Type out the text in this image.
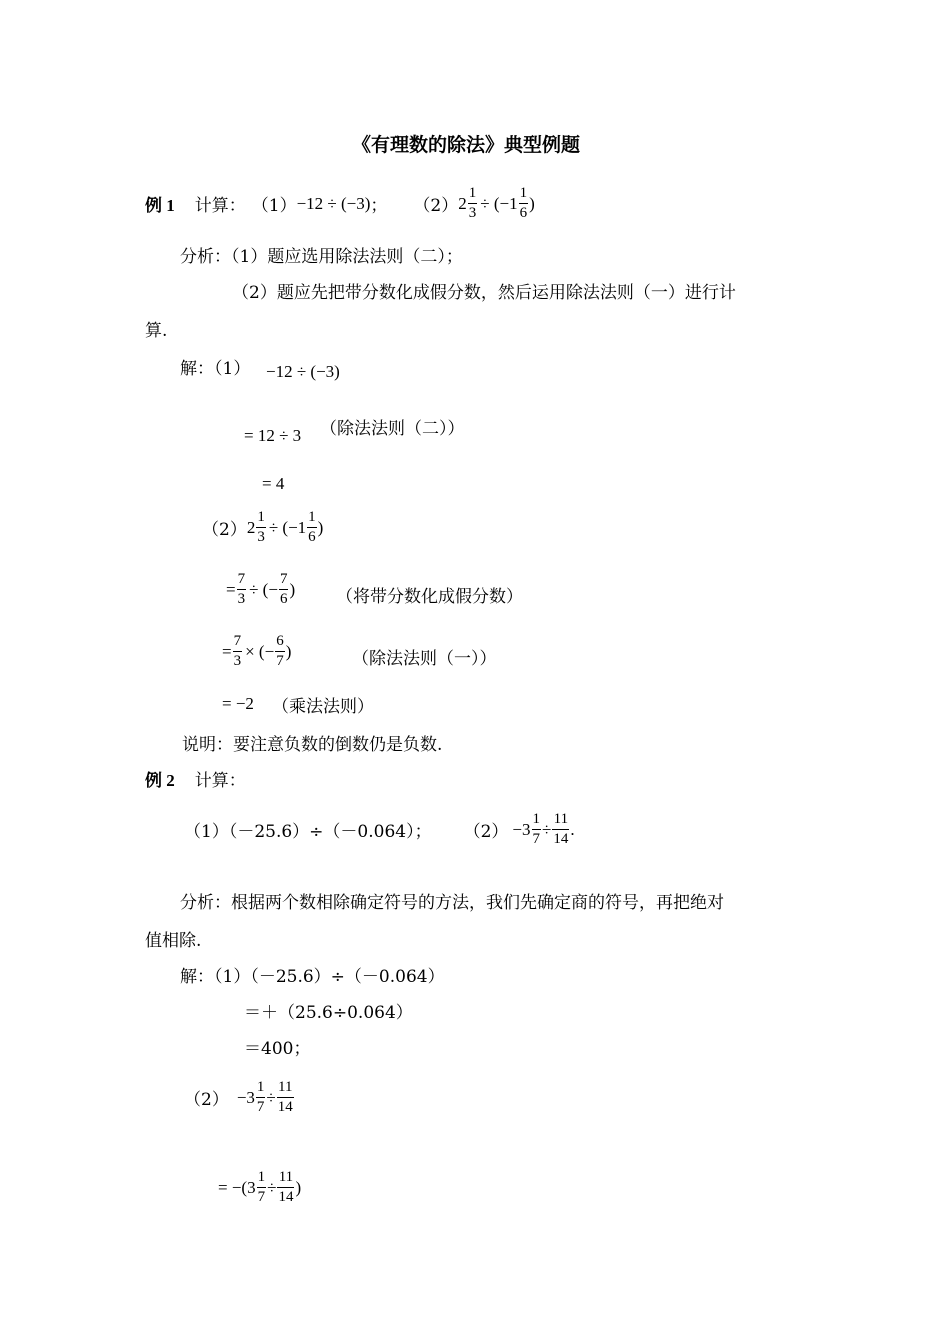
《有理数的除法》典型例题
例 1 计算： （1） −12 ÷ (−3) ； （2） $2 \frac{1}{3} \div (-1 \frac{1}{6}$ )
分析：（1）题应选用除法法则（二）；
（2）题应先把带分数化成假分数，然后运用除法法则（一）进行计
算.
解：（1） −12 ÷ (−3)
= 12 ÷ 3 （除法法则（二））
= 4
（2） $2 \frac{1}{3} \div (-1 \frac{1}{6}$ )
= $\frac{7}{3}$ ÷ (− $\frac{7}{6}$ ) （将带分数化成假分数）
= $\frac{7}{3}$ × (− $\frac{6}{7}$ )	（除法法则（一））
= −2 （乘法法则）
说明：要注意负数的倒数仍是负数.
例 2 计算：
（1）（－25.6）÷（－0.064）； $(2) -3 \frac{1}{7} \div \frac{11}{14}$ .
分析：根据两个数相除确定符号的方法，我们先确定商的符号，再把绝对
值相除.
解：（1）（－25.6）÷（－0.064）
＝＋（25.6÷0.064）
＝400；
$(2) -3 \frac{1}{7} \div \frac{11}{14}$
= $-(3 \frac{1}{7} \div \frac{11}{14}$ )
